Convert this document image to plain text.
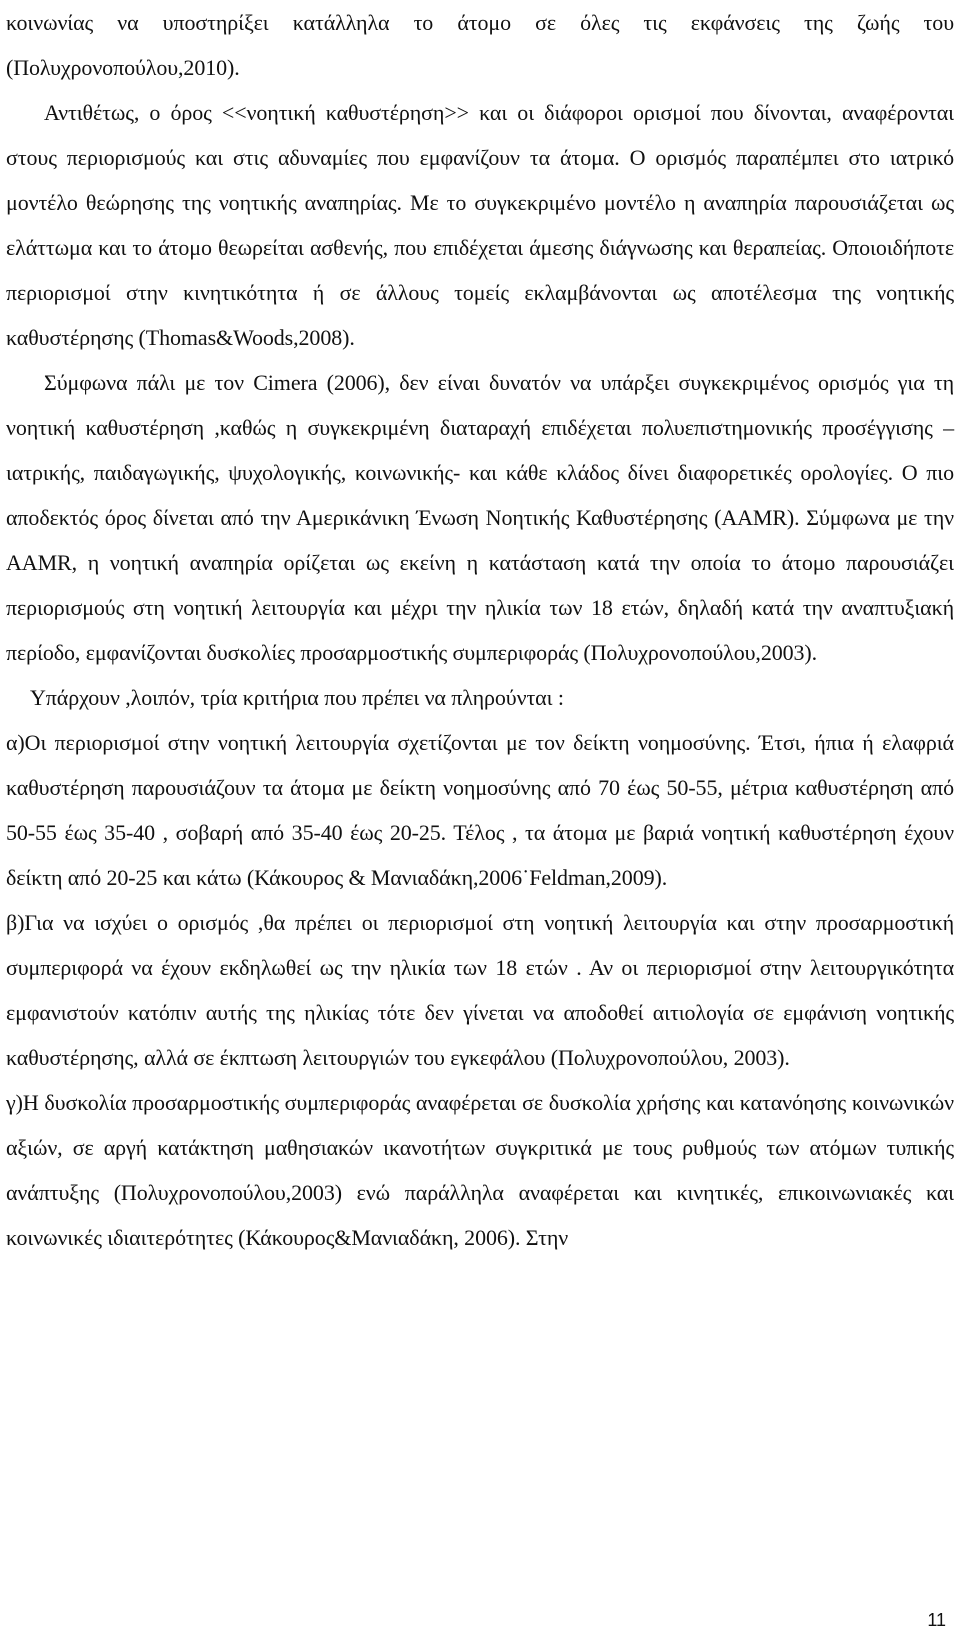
κοινωνίας να υποστηρίξει κατάλληλα το άτομο σε όλες τις εκφάνσεις της ζωής του (Πολυχρονοπούλου,2010).

Αντιθέτως, ο όρος <<νοητική καθυστέρηση>> και οι διάφοροι ορισμοί που δίνονται, αναφέρονται στους περιορισμούς και στις αδυναμίες που εμφανίζουν τα άτομα. Ο ορισμός παραπέμπει στο ιατρικό μοντέλο θεώρησης της νοητικής αναπηρίας. Με το συγκεκριμένο μοντέλο η αναπηρία παρουσιάζεται ως ελάττωμα και το άτομο θεωρείται ασθενής, που επιδέχεται άμεσης διάγνωσης και θεραπείας. Οποιοιδήποτε περιορισμοί στην κινητικότητα ή σε άλλους τομείς εκλαμβάνονται ως αποτέλεσμα της νοητικής καθυστέρησης (Thomas&Woods,2008).

Σύμφωνα πάλι με τον Cimera (2006), δεν είναι δυνατόν να υπάρξει συγκεκριμένος ορισμός για τη νοητική καθυστέρηση ,καθώς η συγκεκριμένη διαταραχή επιδέχεται πολυεπιστημονικής προσέγγισης – ιατρικής, παιδαγωγικής, ψυχολογικής, κοινωνικής- και κάθε κλάδος δίνει διαφορετικές ορολογίες. Ο πιο αποδεκτός όρος δίνεται από την Αμερικάνικη Ένωση Νοητικής Καθυστέρησης (AAMR). Σύμφωνα με την AAMR, η νοητική αναπηρία ορίζεται ως εκείνη η κατάσταση κατά την οποία το άτομο παρουσιάζει περιορισμούς στη νοητική λειτουργία και μέχρι την ηλικία των 18 ετών, δηλαδή κατά την αναπτυξιακή περίοδο, εμφανίζονται δυσκολίες προσαρμοστικής συμπεριφοράς (Πολυχρονοπούλου,2003).

Υπάρχουν ,λοιπόν, τρία κριτήρια που πρέπει να πληρούνται :

α)Οι περιορισμοί στην νοητική λειτουργία σχετίζονται με τον δείκτη νοημοσύνης. Έτσι, ήπια ή ελαφριά καθυστέρηση παρουσιάζουν τα άτομα με δείκτη νοημοσύνης από 70 έως 50-55, μέτρια καθυστέρηση από 50-55 έως 35-40 , σοβαρή από 35-40 έως 20-25. Τέλος , τα άτομα με βαριά νοητική καθυστέρηση έχουν δείκτη από 20-25 και κάτω (Κάκουρος & Μανιαδάκη,2006˙Feldman,2009).

β)Για να ισχύει ο ορισμός ,θα πρέπει οι περιορισμοί στη νοητική λειτουργία και στην προσαρμοστική συμπεριφορά να έχουν εκδηλωθεί ως την ηλικία των 18 ετών . Αν οι περιορισμοί στην λειτουργικότητα εμφανιστούν κατόπιν αυτής της ηλικίας τότε δεν γίνεται να αποδοθεί αιτιολογία σε εμφάνιση νοητικής καθυστέρησης, αλλά σε έκπτωση λειτουργιών του εγκεφάλου (Πολυχρονοπούλου, 2003).

γ)Η δυσκολία προσαρμοστικής συμπεριφοράς αναφέρεται σε δυσκολία χρήσης και κατανόησης κοινωνικών αξιών, σε αργή κατάκτηση μαθησιακών ικανοτήτων συγκριτικά με τους ρυθμούς των ατόμων τυπικής ανάπτυξης (Πολυχρονοπούλου,2003) ενώ παράλληλα αναφέρεται και κινητικές, επικοινωνιακές και κοινωνικές ιδιαιτερότητες (Κάκουρος&Μανιαδάκη, 2006). Στην

11
